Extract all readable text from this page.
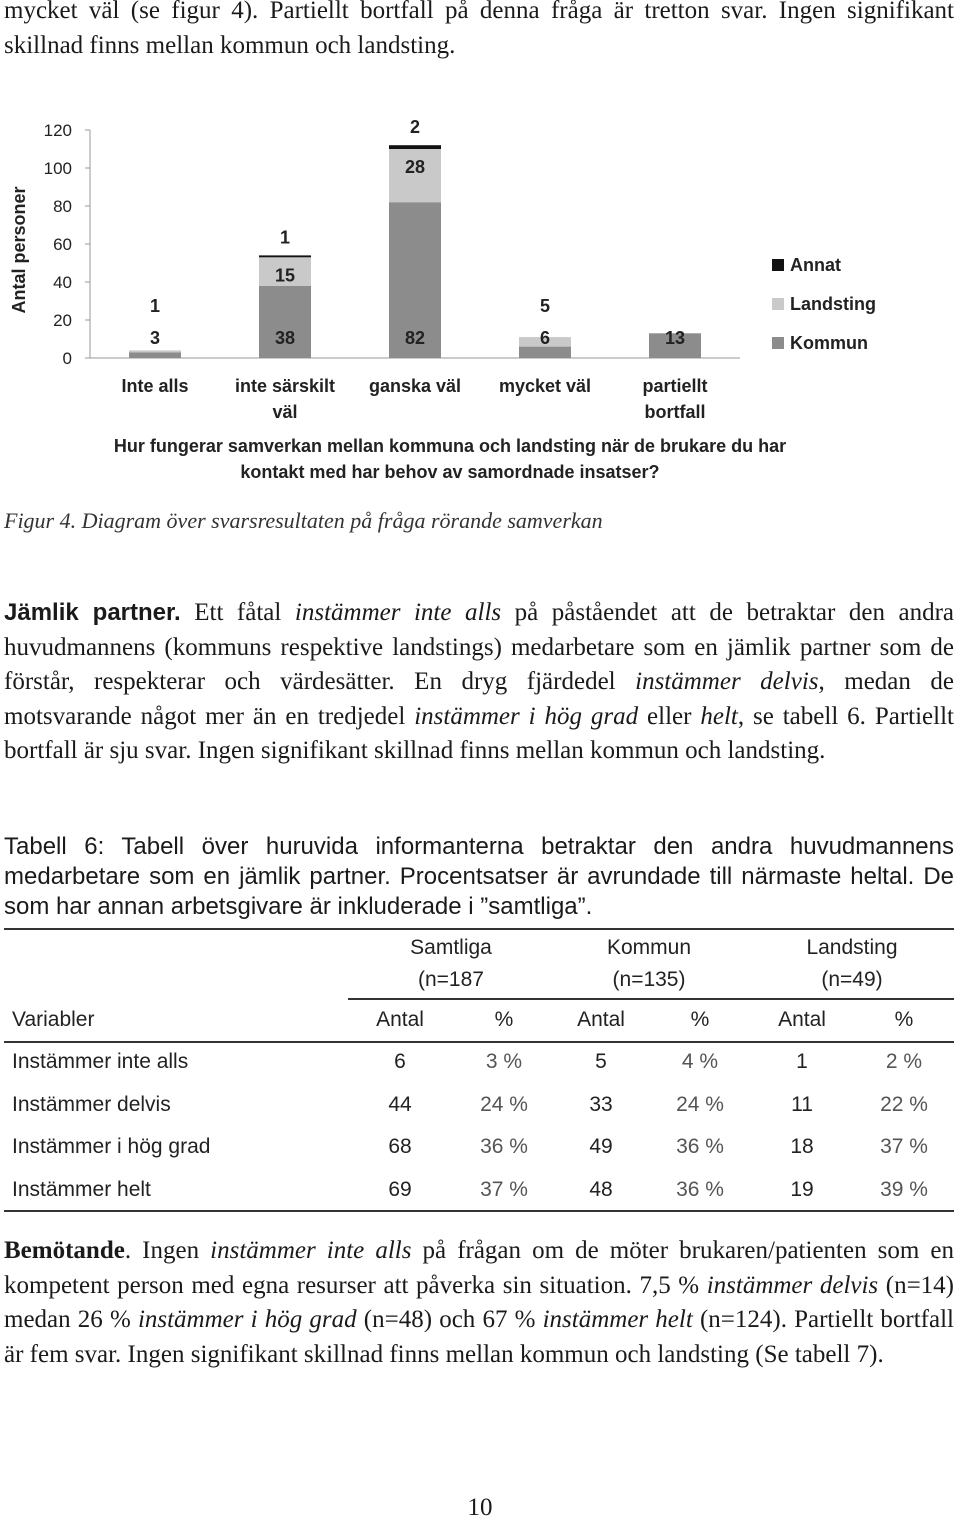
mycket väl (se figur 4). Partiellt bortfall på denna fråga är tretton svar. Ingen signifikant skillnad finns mellan kommun och landsting.
0
20
40
60
80
100
120
3
1
38
15
1
82
28
2
6
5
13
Inte alls	inte särskilt
väl
ganska väl mycket väl	partiellt
bortfall
Annat
Landsting
Kommun
Hur fungerar samverkan mellan kommuna och landsting när de brukare du har
kontakt med har behov av samordnade insatser?
Antal personer
Figur 4. Diagram över svarsresultaten på fråga rörande samverkan
Jämlik partner. Ett fåtal instämmer inte alls på påståendet att de betraktar den andra huvudmannens (kommuns respektive landstings) medarbetare som en jämlik partner som de förstår, respekterar och värdesätter. En dryg fjärdedel instämmer delvis, medan de motsvarande något mer än en tredjedel instämmer i hög grad eller helt, se tabell 6. Partiellt bortfall är sju svar. Ingen signifikant skillnad finns mellan kommun och landsting.
Tabell 6: Tabell över huruvida informanterna betraktar den andra huvudmannens medarbetare som en jämlik partner. Procentsatser är avrundade till närmaste heltal. De som har annan arbetsgivare är inkluderade i ”samtliga”.
Samtliga
(n=187
Kommun
(n=135)
Landsting
(n=49)
Variabler	Antal	%	Antal	%	Antal	%
Instämmer inte alls	6	3 %	5	4 %	1	2 %
Instämmer delvis	44	24 %	33	24 %	11	22 %
Instämmer i hög grad	68	36 %	49	36 %	18	37 %
Instämmer helt	69	37 %	48	36 %	19	39 %
Bemötande. Ingen instämmer inte alls på frågan om de möter brukaren/patienten som en kompetent person med egna resurser att påverka sin situation. 7,5 % instämmer delvis (n=14) medan 26 % instämmer i hög grad (n=48) och 67 % instämmer helt (n=124). Partiellt bortfall är fem svar. Ingen signifikant skillnad finns mellan kommun och landsting (Se tabell 7).
10
